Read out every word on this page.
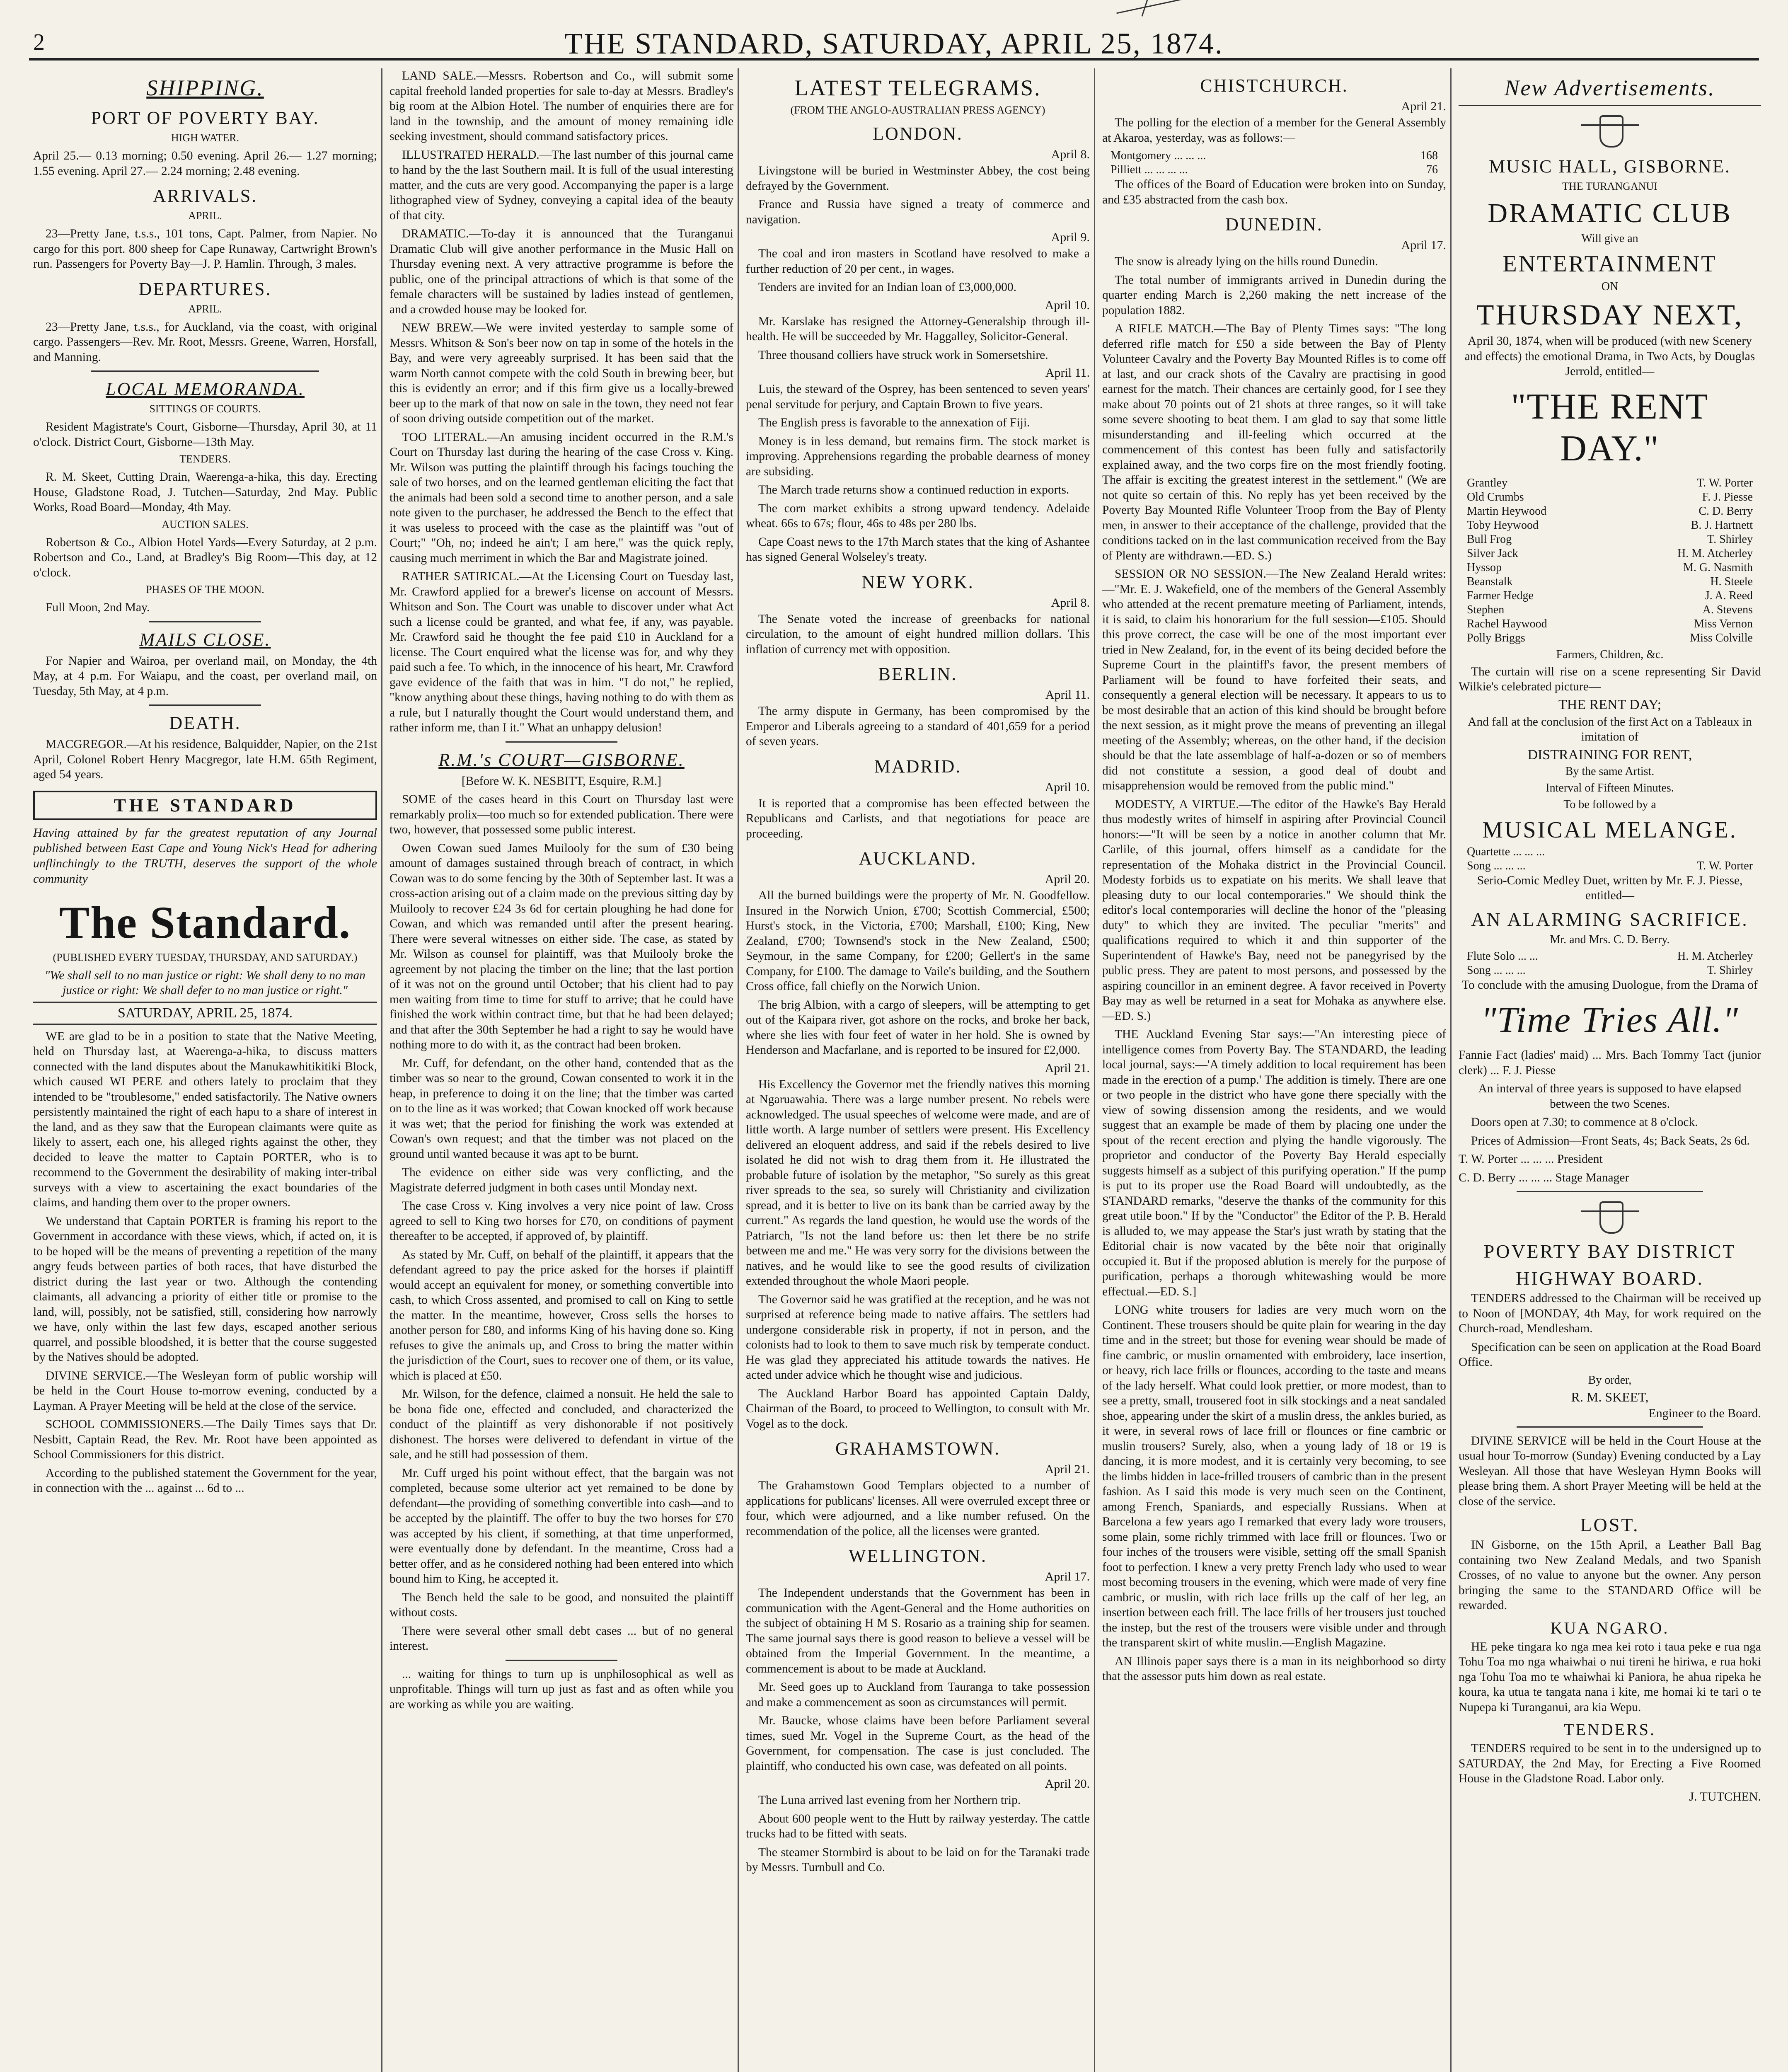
2	THE STANDARD, SATURDAY, APRIL 25, 1874.
SHIPPING.
PORT OF POVERTY BAY.
HIGH WATER.

April 25.— 0.13 morning; 0.50 evening. April 26.— 1.27 morning; 1.55 evening. April 27.— 2.24 morning; 2.48 evening.

ARRIVALS.
APRIL.

23—Pretty Jane, t.s.s., 101 tons, Capt. Palmer, from Napier. No cargo for this port. 800 sheep for Cape Runaway, Cartwright Brown's run. Passengers for Poverty Bay—J. P. Hamlin. Through, 3 males.

DEPARTURES.
APRIL.

23—Pretty Jane, t.s.s., for Auckland, via the coast, with original cargo. Passengers—Rev. Mr. Root, Messrs. Greene, Warren, Horsfall, and Manning.

LOCAL MEMORANDA.
SITTINGS OF COURTS.

Resident Magistrate's Court, Gisborne—Thursday, April 30, at 11 o'clock. District Court, Gisborne—13th May.

TENDERS.

R. M. Skeet, Cutting Drain, Waerenga-a-hika, this day. Erecting House, Gladstone Road, J. Tutchen—Saturday, 2nd May. Public Works, Road Board—Monday, 4th May.

AUCTION SALES.

Robertson & Co., Albion Hotel Yards—Every Saturday, at 2 p.m. Robertson and Co., Land, at Bradley's Big Room—This day, at 12 o'clock.

PHASES OF THE MOON.

Full Moon, 2nd May.

MAILS CLOSE.

For Napier and Wairoa, per overland mail, on Monday, the 4th May, at 4 p.m. For Waiapu, and the coast, per overland mail, on Tuesday, 5th May, at 4 p.m.

DEATH.

MACGREGOR.—At his residence, Balquidder, Napier, on the 21st April, Colonel Robert Henry Macgregor, late H.M. 65th Regiment, aged 54 years.

THE STANDARD
Having attained by far the greatest reputation of any Journal published between East Cape and Young Nick's Head for adhering unflinchingly to the TRUTH, deserves the support of the whole community
The Standard.
(PUBLISHED EVERY TUESDAY, THURSDAY, AND SATURDAY.)

"We shall sell to no man justice or right: We shall deny to no man justice or right: We shall defer to no man justice or right."

SATURDAY, APRIL 25, 1874.

WE are glad to be in a position to state that the Native Meeting, held on Thursday last, at Waerenga-a-hika, to discuss matters connected with the land disputes about the Manukawhitikitiki Block, which caused WI PERE and others lately to proclaim that they intended to be "troublesome," ended satisfactorily. The Native owners persistently maintained the right of each hapu to a share of interest in the land, and as they saw that the European claimants were quite as likely to assert, each one, his alleged rights against the other, they decided to leave the matter to Captain PORTER, who is to recommend to the Government the desirability of making inter-tribal surveys with a view to ascertaining the exact boundaries of the claims, and handing them over to the proper owners.

We understand that Captain PORTER is framing his report to the Government in accordance with these views, which, if acted on, it is to be hoped will be the means of preventing a repetition of the many angry feuds between parties of both races, that have disturbed the district during the last year or two. Although the contending claimants, all advancing a priority of either title or promise to the land, will, possibly, not be satisfied, still, considering how narrowly we have, only within the last few days, escaped another serious quarrel, and possible bloodshed, it is better that the course suggested by the Natives should be adopted.

DIVINE SERVICE.—The Wesleyan form of public worship will be held in the Court House to-morrow evening, conducted by a Layman. A Prayer Meeting will be held at the close of the service.

SCHOOL COMMISSIONERS.—The Daily Times says that Dr. Nesbitt, Captain Read, the Rev. Mr. Root have been appointed as School Commissioners for this district.

According to the published statement the Government for the year, in connection with the ... against ... 6d to ...

LAND SALE.—Messrs. Robertson and Co., will submit some capital freehold landed properties for sale to-day at Messrs. Bradley's big room at the Albion Hotel. The number of enquiries there are for land in the township, and the amount of money remaining idle seeking investment, should command satisfactory prices.

ILLUSTRATED HERALD.—The last number of this journal came to hand by the the last Southern mail. It is full of the usual interesting matter, and the cuts are very good. Accompanying the paper is a large lithographed view of Sydney, conveying a capital idea of the beauty of that city.

DRAMATIC.—To-day it is announced that the Turanganui Dramatic Club will give another performance in the Music Hall on Thursday evening next. A very attractive programme is before the public, one of the principal attractions of which is that some of the female characters will be sustained by ladies instead of gentlemen, and a crowded house may be looked for.

NEW BREW.—We were invited yesterday to sample some of Messrs. Whitson & Son's beer now on tap in some of the hotels in the Bay, and were very agreeably surprised. It has been said that the warm North cannot compete with the cold South in brewing beer, but this is evidently an error; and if this firm give us a locally-brewed beer up to the mark of that now on sale in the town, they need not fear of soon driving outside competition out of the market.

TOO LITERAL.—An amusing incident occurred in the R.M.'s Court on Thursday last during the hearing of the case Cross v. King. Mr. Wilson was putting the plaintiff through his facings touching the sale of two horses, and on the learned gentleman eliciting the fact that the animals had been sold a second time to another person, and a sale note given to the purchaser, he addressed the Bench to the effect that it was useless to proceed with the case as the plaintiff was "out of Court;" "Oh, no; indeed he ain't; I am here," was the quick reply, causing much merriment in which the Bar and Magistrate joined.

RATHER SATIRICAL.—At the Licensing Court on Tuesday last, Mr. Crawford applied for a brewer's license on account of Messrs. Whitson and Son. The Court was unable to discover under what Act such a license could be granted, and what fee, if any, was payable. Mr. Crawford said he thought the fee paid £10 in Auckland for a license. The Court enquired what the license was for, and why they paid such a fee. To which, in the innocence of his heart, Mr. Crawford gave evidence of the faith that was in him. "I do not," he replied, "know anything about these things, having nothing to do with them as a rule, but I naturally thought the Court would understand them, and rather inform me, than I it." What an unhappy delusion!

R.M.'s COURT—GISBORNE.

[Before W. K. NESBITT, Esquire, R.M.]

SOME of the cases heard in this Court on Thursday last were remarkably prolix—too much so for extended publication. There were two, however, that possessed some public interest.

Owen Cowan sued James Muilooly for the sum of £30 being amount of damages sustained through breach of contract, in which Cowan was to do some fencing by the 30th of September last. It was a cross-action arising out of a claim made on the previous sitting day by Muilooly to recover £24 3s 6d for certain ploughing he had done for Cowan, and which was remanded until after the present hearing. There were several witnesses on either side. The case, as stated by Mr. Wilson as counsel for plaintiff, was that Muilooly broke the agreement by not placing the timber on the line; that the last portion of it was not on the ground until October; that his client had to pay men waiting from time to time for stuff to arrive; that he could have finished the work within contract time, but that he had been delayed; and that after the 30th September he had a right to say he would have nothing more to do with it, as the contract had been broken.

Mr. Cuff, for defendant, on the other hand, contended that as the timber was so near to the ground, Cowan consented to work it in the heap, in preference to doing it on the line; that the timber was carted on to the line as it was worked; that Cowan knocked off work because it was wet; that the period for finishing the work was extended at Cowan's own request; and that the timber was not placed on the ground until wanted because it was apt to be burnt.

The evidence on either side was very conflicting, and the Magistrate deferred judgment in both cases until Monday next.

The case Cross v. King involves a very nice point of law. Cross agreed to sell to King two horses for £70, on conditions of payment thereafter to be accepted, if approved of, by plaintiff.

As stated by Mr. Cuff, on behalf of the plaintiff, it appears that the defendant agreed to pay the price asked for the horses if plaintiff would accept an equivalent for money, or something convertible into cash, to which Cross assented, and promised to call on King to settle the matter. In the meantime, however, Cross sells the horses to another person for £80, and informs King of his having done so. King refuses to give the animals up, and Cross to bring the matter within the jurisdiction of the Court, sues to recover one of them, or its value, which is placed at £50.

Mr. Wilson, for the defence, claimed a nonsuit. He held the sale to be bona fide one, effected and concluded, and characterized the conduct of the plaintiff as very dishonorable if not positively dishonest. The horses were delivered to defendant in virtue of the sale, and he still had possession of them.

Mr. Cuff urged his point without effect, that the bargain was not completed, because some ulterior act yet remained to be done by defendant—the providing of something convertible into cash—and to be accepted by the plaintiff. The offer to buy the two horses for £70 was accepted by his client, if something, at that time unperformed, were eventually done by defendant. In the meantime, Cross had a better offer, and as he considered nothing had been entered into which bound him to King, he accepted it.

The Bench held the sale to be good, and nonsuited the plaintiff without costs.

There were several other small debt cases ... but of no general interest.

... waiting for things to turn up is unphilosophical as well as unprofitable. Things will turn up just as fast and as often while you are working as while you are waiting.

LATEST TELEGRAMS.
(FROM THE ANGLO-AUSTRALIAN PRESS AGENCY)
LONDON.
April 8.

Livingstone will be buried in Westminster Abbey, the cost being defrayed by the Government.

France and Russia have signed a treaty of commerce and navigation.

April 9.

The coal and iron masters in Scotland have resolved to make a further reduction of 20 per cent., in wages.

Tenders are invited for an Indian loan of £3,000,000.

April 10.

Mr. Karslake has resigned the Attorney-Generalship through ill-health. He will be succeeded by Mr. Haggalley, Solicitor-General.

Three thousand colliers have struck work in Somersetshire.

April 11.

Luis, the steward of the Osprey, has been sentenced to seven years' penal servitude for perjury, and Captain Brown to five years.

The English press is favorable to the annexation of Fiji.

Money is in less demand, but remains firm. The stock market is improving. Apprehensions regarding the probable dearness of money are subsiding.

The March trade returns show a continued reduction in exports.

The corn market exhibits a strong upward tendency. Adelaide wheat. 66s to 67s; flour, 46s to 48s per 280 lbs.

Cape Coast news to the 17th March states that the king of Ashantee has signed General Wolseley's treaty.

NEW YORK.
April 8.

The Senate voted the increase of greenbacks for national circulation, to the amount of eight hundred million dollars. This inflation of currency met with opposition.

BERLIN.
April 11.

The army dispute in Germany, has been compromised by the Emperor and Liberals agreeing to a standard of 401,659 for a period of seven years.

MADRID.
April 10.

It is reported that a compromise has been effected between the Republicans and Carlists, and that negotiations for peace are proceeding.

AUCKLAND.
April 20.

All the burned buildings were the property of Mr. N. Goodfellow. Insured in the Norwich Union, £700; Scottish Commercial, £500; Hurst's stock, in the Victoria, £700; Marshall, £100; King, New Zealand, £700; Townsend's stock in the New Zealand, £500; Seymour, in the same Company, for £200; Gellert's in the same Company, for £100. The damage to Vaile's building, and the Southern Cross office, fall chiefly on the Norwich Union.

The brig Albion, with a cargo of sleepers, will be attempting to get out of the Kaipara river, got ashore on the rocks, and broke her back, where she lies with four feet of water in her hold. She is owned by Henderson and Macfarlane, and is reported to be insured for £2,000.

April 21.

His Excellency the Governor met the friendly natives this morning at Ngaruawahia. There was a large number present. No rebels were acknowledged. The usual speeches of welcome were made, and are of little worth. A large number of settlers were present. His Excellency delivered an eloquent address, and said if the rebels desired to live isolated he did not wish to drag them from it. He illustrated the probable future of isolation by the metaphor, "So surely as this great river spreads to the sea, so surely will Christianity and civilization spread, and it is better to live on its bank than be carried away by the current." As regards the land question, he would use the words of the Patriarch, "Is not the land before us: then let there be no strife between me and me." He was very sorry for the divisions between the natives, and he would like to see the good results of civilization extended throughout the whole Maori people.

The Governor said he was gratified at the reception, and he was not surprised at reference being made to native affairs. The settlers had undergone considerable risk in property, if not in person, and the colonists had to look to them to save much risk by temperate conduct. He was glad they appreciated his attitude towards the natives. He acted under advice which he thought wise and judicious.

The Auckland Harbor Board has appointed Captain Daldy, Chairman of the Board, to proceed to Wellington, to consult with Mr. Vogel as to the dock.

GRAHAMSTOWN.
April 21.

The Grahamstown Good Templars objected to a number of applications for publicans' licenses. All were overruled except three or four, which were adjourned, and a like number refused. On the recommendation of the police, all the licenses were granted.

WELLINGTON.
April 17.

The Independent understands that the Government has been in communication with the Agent-General and the Home authorities on the subject of obtaining H M S. Rosario as a training ship for seamen. The same journal says there is good reason to believe a vessel will be obtained from the Imperial Government. In the meantime, a commencement is about to be made at Auckland.

Mr. Seed goes up to Auckland from Tauranga to take possession and make a commencement as soon as circumstances will permit.

Mr. Baucke, whose claims have been before Parliament several times, sued Mr. Vogel in the Supreme Court, as the head of the Government, for compensation. The case is just concluded. The plaintiff, who conducted his own case, was defeated on all points.

April 20.

The Luna arrived last evening from her Northern trip.

About 600 people went to the Hutt by railway yesterday. The cattle trucks had to be fitted with seats.

The steamer Stormbird is about to be laid on for the Taranaki trade by Messrs. Turnbull and Co.

CHISTCHURCH.
April 21.

The polling for the election of a member for the General Assembly at Akaroa, yesterday, was as follows:—

Montgomery ... ... ...	168
Pilliett ... ... ... ...	76

The offices of the Board of Education were broken into on Sunday, and £35 abstracted from the cash box.

DUNEDIN.
April 17.

The snow is already lying on the hills round Dunedin.

The total number of immigrants arrived in Dunedin during the quarter ending March is 2,260 making the nett increase of the population 1882.

A RIFLE MATCH.—The Bay of Plenty Times says: "The long deferred rifle match for £50 a side between the Bay of Plenty Volunteer Cavalry and the Poverty Bay Mounted Rifles is to come off at last, and our crack shots of the Cavalry are practising in good earnest for the match. Their chances are certainly good, for I see they make about 70 points out of 21 shots at three ranges, so it will take some severe shooting to beat them. I am glad to say that some little misunderstanding and ill-feeling which occurred at the commencement of this contest has been fully and satisfactorily explained away, and the two corps fire on the most friendly footing. The affair is exciting the greatest interest in the settlement." (We are not quite so certain of this. No reply has yet been received by the Poverty Bay Mounted Rifle Volunteer Troop from the Bay of Plenty men, in answer to their acceptance of the challenge, provided that the conditions tacked on in the last communication received from the Bay of Plenty are withdrawn.—ED. S.)

SESSION OR NO SESSION.—The New Zealand Herald writes:—"Mr. E. J. Wakefield, one of the members of the General Assembly who attended at the recent premature meeting of Parliament, intends, it is said, to claim his honorarium for the full session—£105. Should this prove correct, the case will be one of the most important ever tried in New Zealand, for, in the event of its being decided before the Supreme Court in the plaintiff's favor, the present members of Parliament will be found to have forfeited their seats, and consequently a general election will be necessary. It appears to us to be most desirable that an action of this kind should be brought before the next session, as it might prove the means of preventing an illegal meeting of the Assembly; whereas, on the other hand, if the decision should be that the late assemblage of half-a-dozen or so of members did not constitute a session, a good deal of doubt and misapprehension would be removed from the public mind."

MODESTY, A VIRTUE.—The editor of the Hawke's Bay Herald thus modestly writes of himself in aspiring after Provincial Council honors:—"It will be seen by a notice in another column that Mr. Carlile, of this journal, offers himself as a candidate for the representation of the Mohaka district in the Provincial Council. Modesty forbids us to expatiate on his merits. We shall leave that pleasing duty to our local contemporaries." We should think the editor's local contemporaries will decline the honor of the "pleasing duty" to which they are invited. The peculiar "merits" and qualifications required to which it and thin supporter of the Superintendent of Hawke's Bay, need not be panegyrised by the public press. They are patent to most persons, and possessed by the aspiring councillor in an eminent degree. A favor received in Poverty Bay may as well be returned in a seat for Mohaka as anywhere else.—ED. S.)

THE Auckland Evening Star says:—"An interesting piece of intelligence comes from Poverty Bay. The STANDARD, the leading local journal, says:—'A timely addition to local requirement has been made in the erection of a pump.' The addition is timely. There are one or two people in the district who have gone there specially with the view of sowing dissension among the residents, and we would suggest that an example be made of them by placing one under the spout of the recent erection and plying the handle vigorously. The proprietor and conductor of the Poverty Bay Herald especially suggests himself as a subject of this purifying operation." If the pump is put to its proper use the Road Board will undoubtedly, as the STANDARD remarks, "deserve the thanks of the community for this great utile boon." If by the "Conductor" the Editor of the P. B. Herald is alluded to, we may appease the Star's just wrath by stating that the Editorial chair is now vacated by the bête noir that originally occupied it. But if the proposed ablution is merely for the purpose of purification, perhaps a thorough whitewashing would be more effectual.—ED. S.]

LONG white trousers for ladies are very much worn on the Continent. These trousers should be quite plain for wearing in the day time and in the street; but those for evening wear should be made of fine cambric, or muslin ornamented with embroidery, lace insertion, or heavy, rich lace frills or flounces, according to the taste and means of the lady herself. What could look prettier, or more modest, than to see a pretty, small, trousered foot in silk stockings and a neat sandaled shoe, appearing under the skirt of a muslin dress, the ankles buried, as it were, in several rows of lace frill or flounces or fine cambric or muslin trousers? Surely, also, when a young lady of 18 or 19 is dancing, it is more modest, and it is certainly very becoming, to see the limbs hidden in lace-frilled trousers of cambric than in the present fashion. As I said this mode is very much seen on the Continent, among French, Spaniards, and especially Russians. When at Barcelona a few years ago I remarked that every lady wore trousers, some plain, some richly trimmed with lace frill or flounces. Two or four inches of the trousers were visible, setting off the small Spanish foot to perfection. I knew a very pretty French lady who used to wear most becoming trousers in the evening, which were made of very fine cambric, or muslin, with rich lace frills up the calf of her leg, an insertion between each frill. The lace frills of her trousers just touched the instep, but the rest of the trousers were visible under and through the transparent skirt of white muslin.—English Magazine.

AN Illinois paper says there is a man in its neighborhood so dirty that the assessor puts him down as real estate.

New Advertisements.
MUSIC HALL, GISBORNE.
THE TURANGANUI
DRAMATIC CLUB
Will give an
ENTERTAINMENT
ON
THURSDAY NEXT,

April 30, 1874, when will be produced (with new Scenery and effects) the emotional Drama, in Two Acts, by Douglas Jerrold, entitled—

"THE RENT DAY."
Grantley	T. W. Porter
Old Crumbs	F. J. Piesse
Martin Heywood	C. D. Berry
Toby Heywood	B. J. Hartnett
Bull Frog	T. Shirley
Silver Jack	H. M. Atcherley
Hyssop	M. G. Nasmith
Beanstalk	H. Steele
Farmer Hedge	J. A. Reed
Stephen	A. Stevens
Rachel Haywood	Miss Vernon
Polly Briggs	Miss Colville
Farmers, Children, &c.

The curtain will rise on a scene representing Sir David Wilkie's celebrated picture—

THE RENT DAY;

And fall at the conclusion of the first Act on a Tableaux in imitation of

DISTRAINING FOR RENT,
By the same Artist.
Interval of Fifteen Minutes.
To be followed by a
MUSICAL MELANGE.
Quartette ... ... ...
Song ... ... ...	T. W. Porter

Serio-Comic Medley Duet, written by Mr. F. J. Piesse, entitled—

AN ALARMING SACRIFICE.
Mr. and Mrs. C. D. Berry.
Flute Solo ... ...	H. M. Atcherley
Song ... ... ...	T. Shirley

To conclude with the amusing Duologue, from the Drama of

"Time Tries All."

Fannie Fact (ladies' maid) ... Mrs. Bach Tommy Tact (junior clerk) ... F. J. Piesse

An interval of three years is supposed to have elapsed between the two Scenes.

Doors open at 7.30; to commence at 8 o'clock.

Prices of Admission—Front Seats, 4s; Back Seats, 2s 6d.

T. W. Porter ... ... ... President

C. D. Berry ... ... ... Stage Manager

POVERTY BAY DISTRICT
HIGHWAY BOARD.

TENDERS addressed to the Chairman will be received up to Noon of [MONDAY, 4th May, for work required on the Church-road, Mendlesham.

Specification can be seen on application at the Road Board Office.

By order,
R. M. SKEET,
Engineer to the Board.

DIVINE SERVICE will be held in the Court House at the usual hour To-morrow (Sunday) Evening conducted by a Lay Wesleyan. All those that have Wesleyan Hymn Books will please bring them. A short Prayer Meeting will be held at the close of the service.

LOST.

IN Gisborne, on the 15th April, a Leather Ball Bag containing two New Zealand Medals, and two Spanish Crosses, of no value to anyone but the owner. Any person bringing the same to the STANDARD Office will be rewarded.

KUA NGARO.

HE peke tingara ko nga mea kei roto i taua peke e rua nga Tohu Toa mo nga whaiwhai o nui tireni he hiriwa, e rua hoki nga Tohu Toa mo te whaiwhai ki Paniora, he ahua ripeka he koura, ka utua te tangata nana i kite, me homai ki te tari o te Nupepa ki Turanganui, ara kia Wepu.

TENDERS.

TENDERS required to be sent in to the undersigned up to SATURDAY, the 2nd May, for Erecting a Five Roomed House in the Gladstone Road. Labor only.

J. TUTCHEN.
